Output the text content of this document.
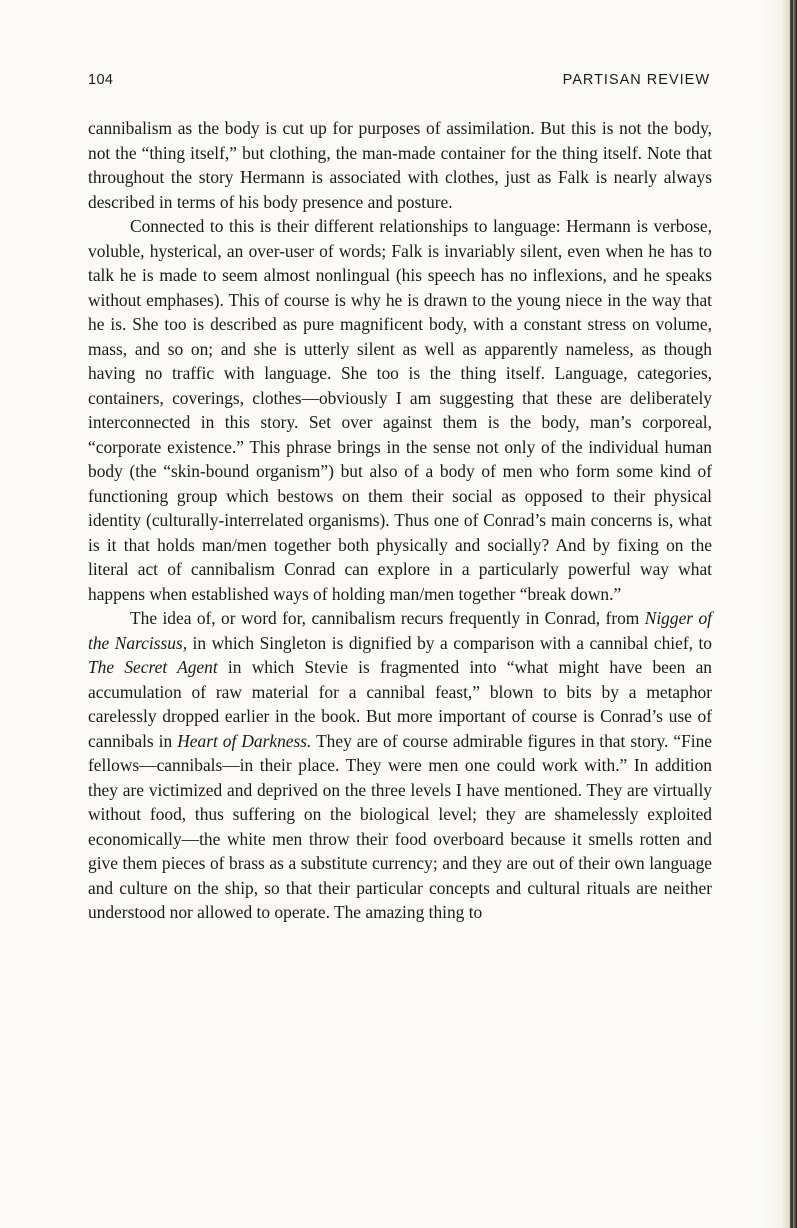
104	PARTISAN REVIEW

cannibalism as the body is cut up for purposes of assimilation. But this is not the body, not the “thing itself,” but clothing, the man-made container for the thing itself. Note that throughout the story Hermann is associated with clothes, just as Falk is nearly always described in terms of his body presence and posture.

Connected to this is their different relationships to language: Hermann is verbose, voluble, hysterical, an over-user of words; Falk is invariably silent, even when he has to talk he is made to seem almost nonlingual (his speech has no inflexions, and he speaks without emphases). This of course is why he is drawn to the young niece in the way that he is. She too is described as pure magnificent body, with a constant stress on volume, mass, and so on; and she is utterly silent as well as apparently nameless, as though having no traffic with language. She too is the thing itself. Language, categories, containers, coverings, clothes—obviously I am suggesting that these are deliberately interconnected in this story. Set over against them is the body, man’s corporeal, “corporate existence.” This phrase brings in the sense not only of the individual human body (the “skin-bound organism”) but also of a body of men who form some kind of functioning group which bestows on them their social as opposed to their physical identity (culturally-interrelated organisms). Thus one of Conrad’s main concerns is, what is it that holds man/men together both physically and socially? And by fixing on the literal act of cannibalism Conrad can explore in a particularly powerful way what happens when established ways of holding man/men together “break down.”

The idea of, or word for, cannibalism recurs frequently in Conrad, from Nigger of the Narcissus, in which Singleton is dignified by a comparison with a cannibal chief, to The Secret Agent in which Stevie is fragmented into “what might have been an accumulation of raw material for a cannibal feast,” blown to bits by a metaphor carelessly dropped earlier in the book. But more important of course is Conrad’s use of cannibals in Heart of Darkness. They are of course admirable figures in that story. “Fine fellows—cannibals—in their place. They were men one could work with.” In addition they are victimized and deprived on the three levels I have mentioned. They are virtually without food, thus suffering on the biological level; they are shamelessly exploited economically—the white men throw their food overboard because it smells rotten and give them pieces of brass as a substitute currency; and they are out of their own language and culture on the ship, so that their particular concepts and cultural rituals are neither understood nor allowed to operate. The amazing thing to
